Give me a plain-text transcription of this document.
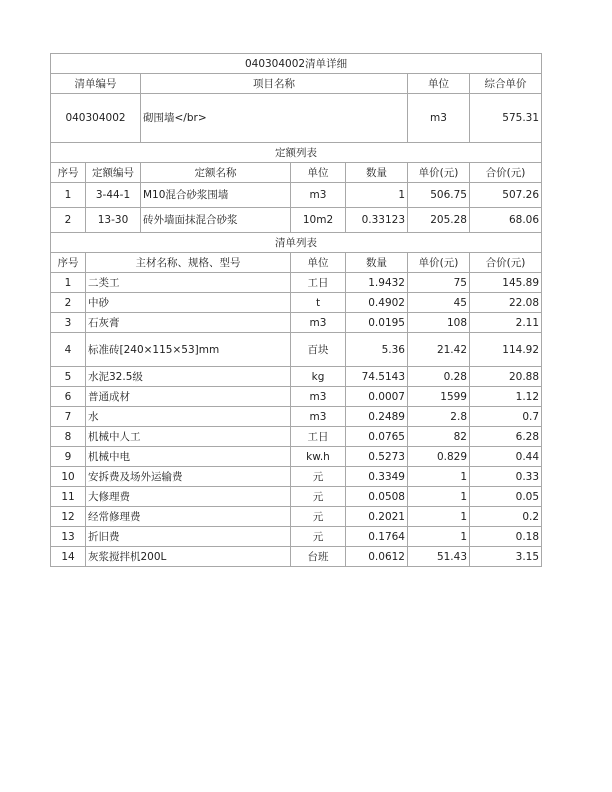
040304002清单详细						
清单编号		项目名称			单位	综合单价
040304002		砌围墙</br>			m3	575.31
定额列表						
序号	定额编号	定额名称	单位	数量	单价(元)	合价(元)
1	3-44-1	M10混合砂浆围墙	m3	1	506.75	507.26
2	13-30	砖外墙面抹混合砂浆	10m2	0.33123	205.28	68.06
清单列表						
序号	主材名称、规格、型号		单位	数量	单价(元)	合价(元)
1	二类工		工日	1.9432	75	145.89
2	中砂		t	0.4902	45	22.08
3	石灰膏		m3	0.0195	108	2.11
4	标准砖[240×115×53]mm		百块	5.36	21.42	114.92
5	水泥32.5级		kg	74.5143	0.28	20.88
6	普通成材		m3	0.0007	1599	1.12
7	水		m3	0.2489	2.8	0.7
8	机械中人工		工日	0.0765	82	6.28
9	机械中电		kw.h	0.5273	0.829	0.44
10	安拆费及场外运输费		元	0.3349	1	0.33
11	大修理费		元	0.0508	1	0.05
12	经常修理费		元	0.2021	1	0.2
13	折旧费		元	0.1764	1	0.18
14	灰浆搅拌机200L		台班	0.0612	51.43	3.15
